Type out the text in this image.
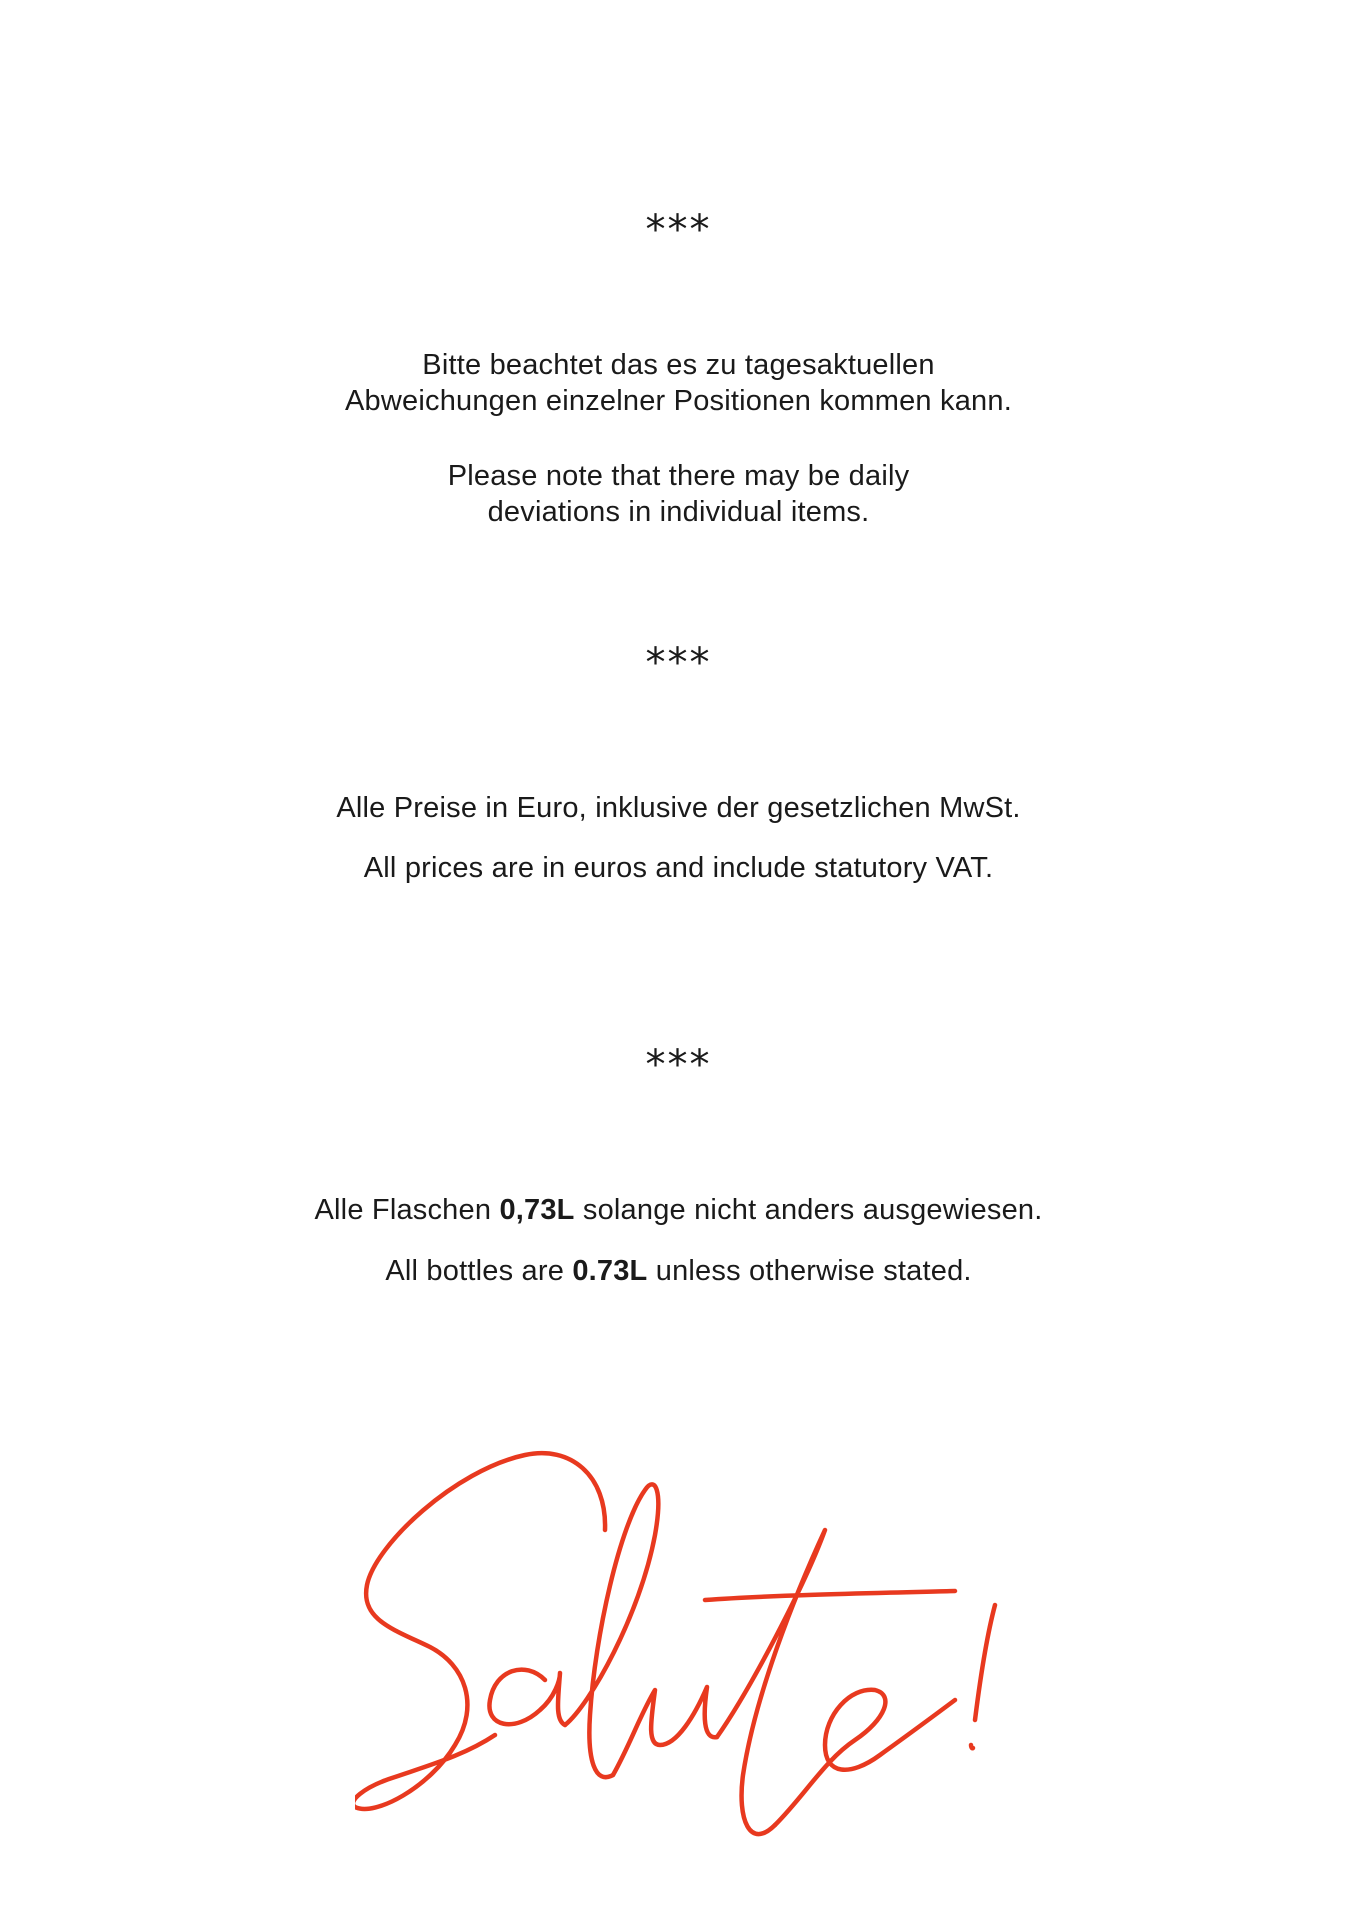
***
Bitte beachtet das es zu tagesaktuellen
Abweichungen einzelner Positionen kommen kann.
Please note that there may be daily
deviations in individual items.
***
Alle Preise in Euro, inklusive der gesetzlichen MwSt.
All prices are in euros and include statutory VAT.
***
Alle Flaschen 0,73L solange nicht anders ausgewiesen.
All bottles are 0.73L unless otherwise stated.
